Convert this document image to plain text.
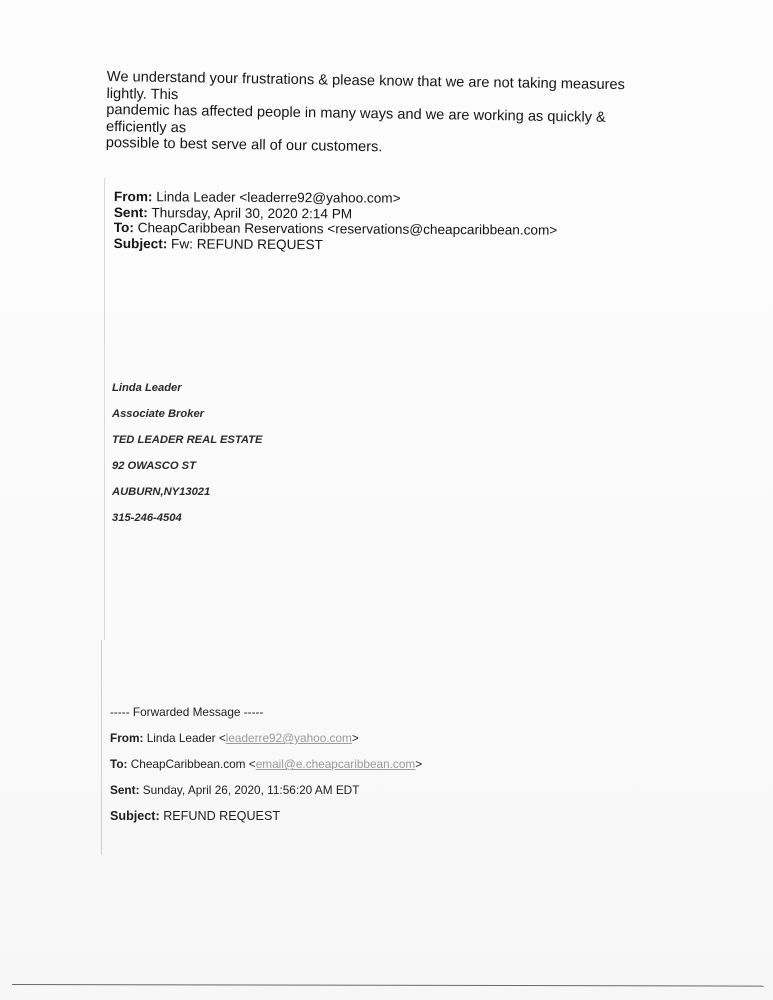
We understand your frustrations & please know that we are not taking measures lightly. This
pandemic has affected people in many ways and we are working as quickly & efficiently as
possible to best serve all of our customers.
From: Linda Leader <leaderre92@yahoo.com>
Sent: Thursday, April 30, 2020 2:14 PM
To: CheapCaribbean Reservations <reservations@cheapcaribbean.com>
Subject: Fw: REFUND REQUEST
Linda Leader
Associate Broker
TED LEADER REAL ESTATE
92 OWASCO ST
AUBURN,NY13021
315-246-4504
----- Forwarded Message -----
From: Linda Leader <leaderre92@yahoo.com>
To: CheapCaribbean.com <email@e.cheapcaribbean.com>
Sent: Sunday, April 26, 2020, 11:56:20 AM EDT
Subject: REFUND REQUEST
